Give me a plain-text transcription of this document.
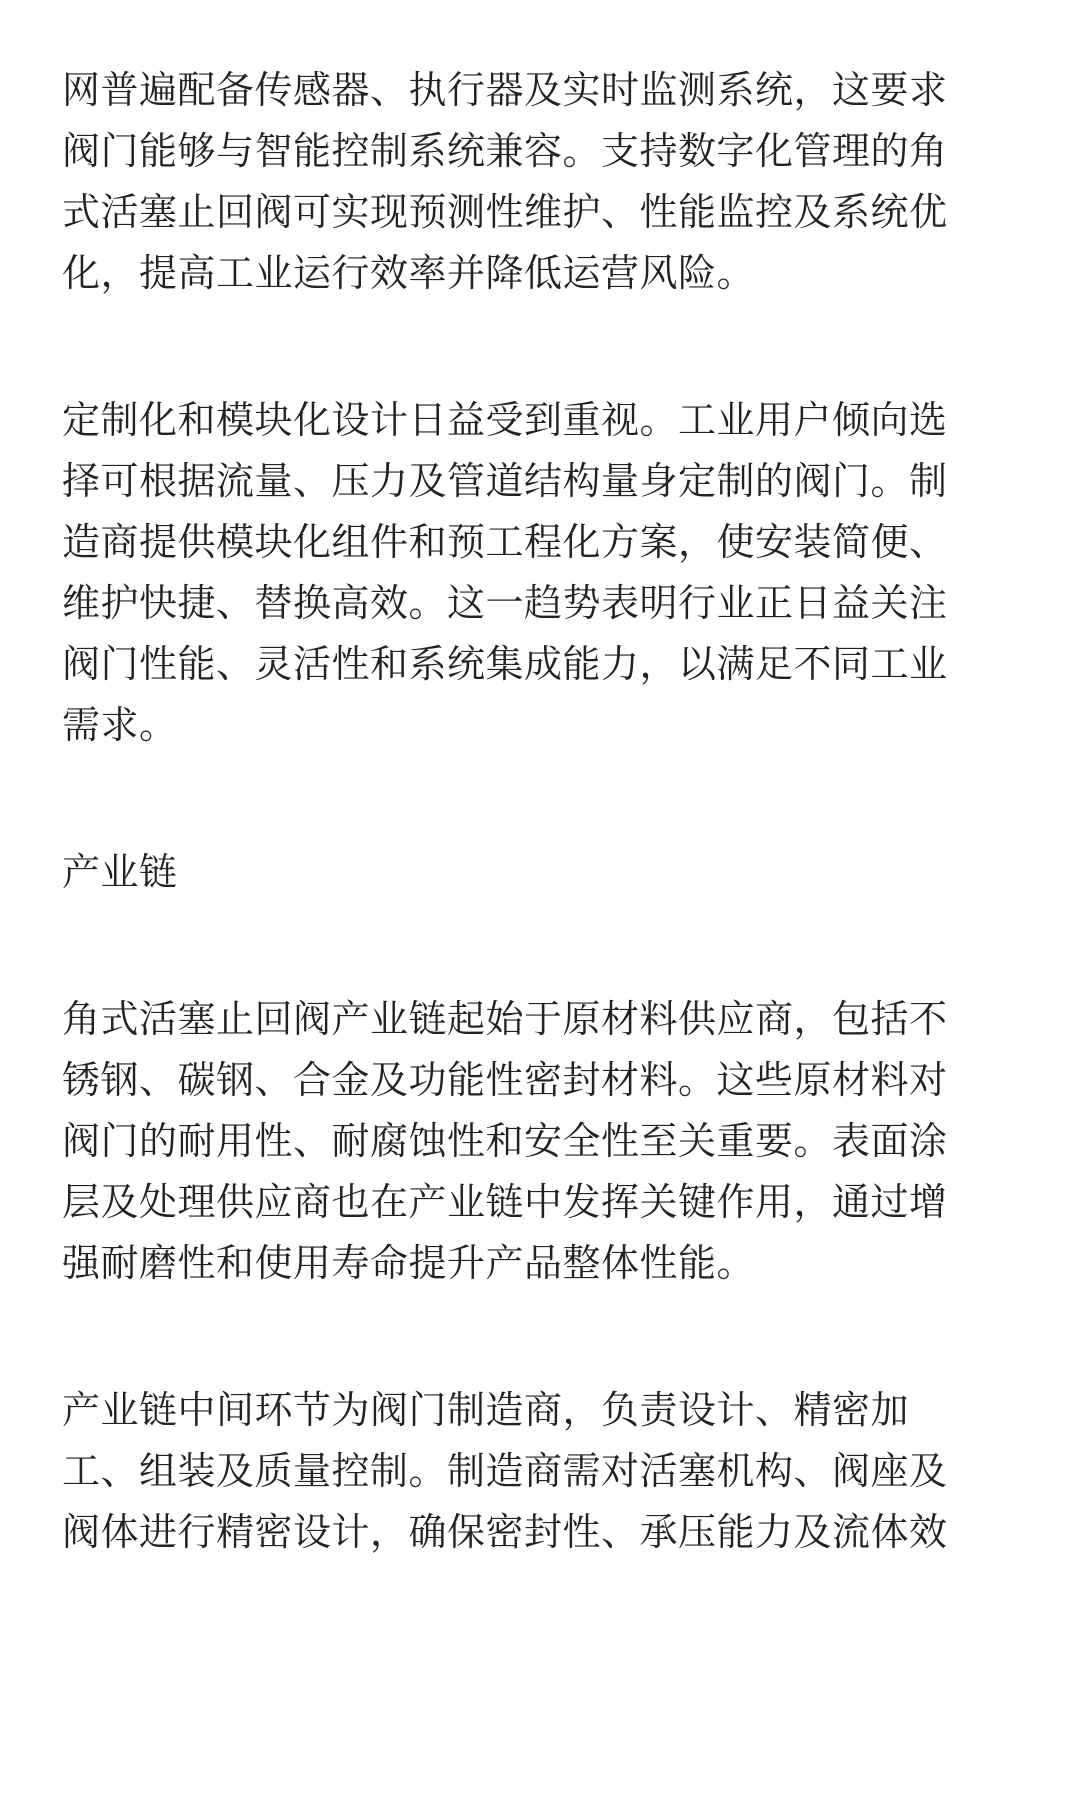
网普遍配备传感器、执行器及实时监测系统，这要求
阀门能够与智能控制系统兼容。支持数字化管理的角
式活塞止回阀可实现预测性维护、性能监控及系统优
化，提高工业运行效率并降低运营风险。

定制化和模块化设计日益受到重视。工业用户倾向选
择可根据流量、压力及管道结构量身定制的阀门。制
造商提供模块化组件和预工程化方案，使安装简便、
维护快捷、替换高效。这一趋势表明行业正日益关注
阀门性能、灵活性和系统集成能力，以满足不同工业
需求。

产业链

角式活塞止回阀产业链起始于原材料供应商，包括不
锈钢、碳钢、合金及功能性密封材料。这些原材料对
阀门的耐用性、耐腐蚀性和安全性至关重要。表面涂
层及处理供应商也在产业链中发挥关键作用，通过增
强耐磨性和使用寿命提升产品整体性能。

产业链中间环节为阀门制造商，负责设计、精密加
工、组装及质量控制。制造商需对活塞机构、阀座及
阀体进行精密设计，确保密封性、承压能力及流体效
